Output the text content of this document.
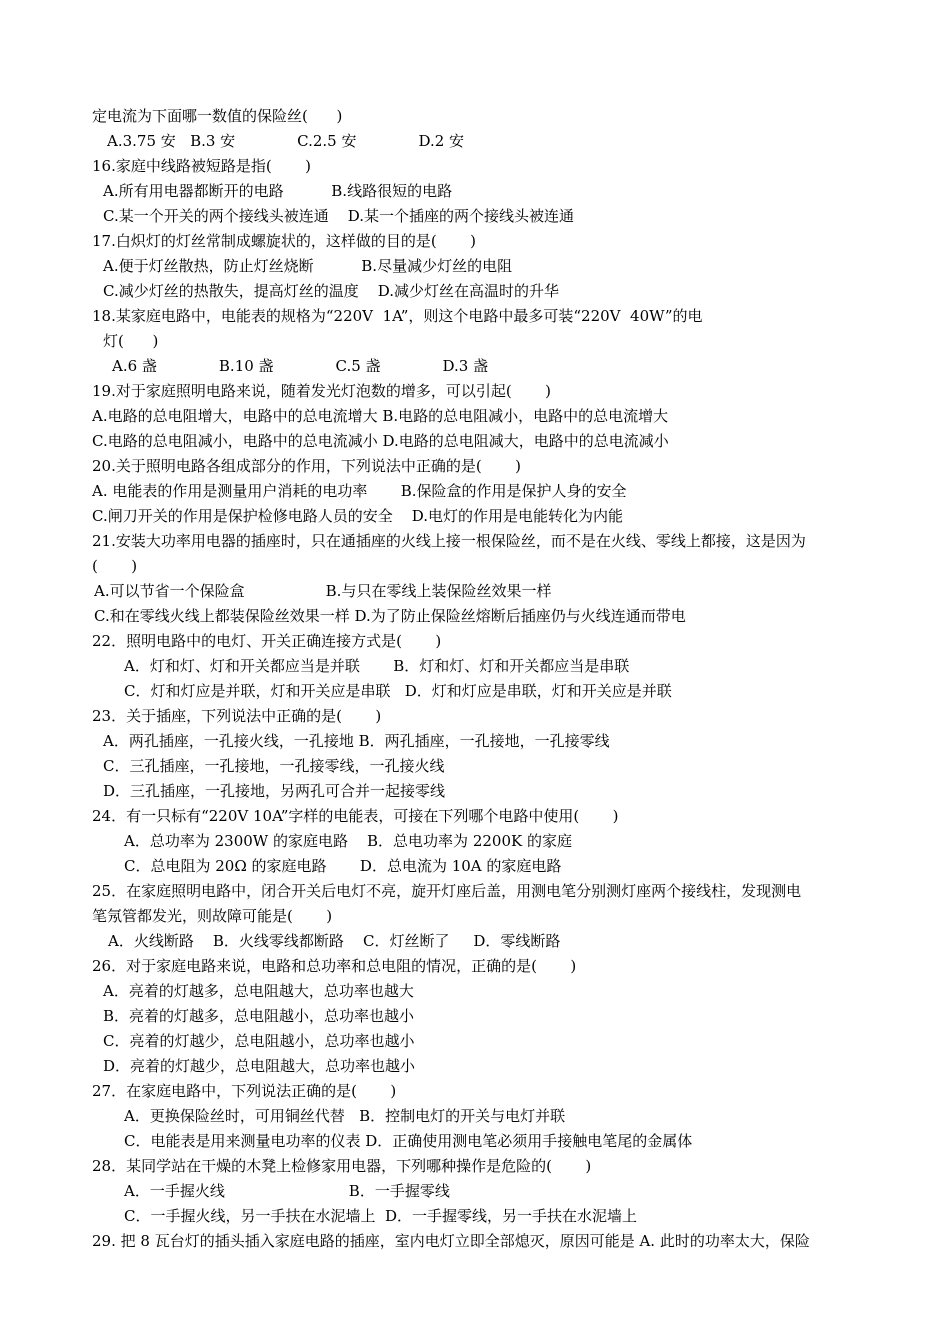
定电流为下面哪一数值的保险丝(      )
A.3.75 安   B.3 安             C.2.5 安             D.2 安
16.家庭中线路被短路是指(       )
A.所有用电器都断开的电路          B.线路很短的电路
C.某一个开关的两个接线头被连通    D.某一个插座的两个接线头被连通
17.白炽灯的灯丝常制成螺旋状的，这样做的目的是(       )
A.便于灯丝散热，防止灯丝烧断          B.尽量减少灯丝的电阻
C.减少灯丝的热散失，提高灯丝的温度    D.减少灯丝在高温时的升华
18.某家庭电路中，电能表的规格为“220V  1A”，则这个电路中最多可装“220V  40W”的电
灯(      )
A.6 盏             B.10 盏             C.5 盏             D.3 盏
19.对于家庭照明电路来说，随着发光灯泡数的增多，可以引起(       )
A.电路的总电阻增大，电路中的总电流增大 B.电路的总电阻减小，电路中的总电流增大
C.电路的总电阻减小，电路中的总电流减小 D.电路的总电阻减大，电路中的总电流减小
20.关于照明电路各组成部分的作用，下列说法中正确的是(       )
A. 电能表的作用是测量用户消耗的电功率       B.保险盒的作用是保护人身的安全
C.闸刀开关的作用是保护检修电路人员的安全    D.电灯的作用是电能转化为内能
21.安装大功率用电器的插座时，只在通插座的火线上接一根保险丝，而不是在火线、零线上都接，这是因为
(       )
A.可以节省一个保险盒                 B.与只在零线上装保险丝效果一样
C.和在零线火线上都装保险丝效果一样 D.为了防止保险丝熔断后插座仍与火线连通而带电
22．照明电路中的电灯、开关正确连接方式是(       )
A．灯和灯、灯和开关都应当是并联       B．灯和灯、灯和开关都应当是串联
C．灯和灯应是并联，灯和开关应是串联   D．灯和灯应是串联，灯和开关应是并联
23．关于插座，下列说法中正确的是(       )
A．两孔插座，一孔接火线，一孔接地 B．两孔插座，一孔接地，一孔接零线
C．三孔插座，一孔接地，一孔接零线，一孔接火线
D．三孔插座，一孔接地，另两孔可合并一起接零线
24．有一只标有“220V 10A”字样的电能表，可接在下列哪个电路中使用(       )
A．总功率为 2300W 的家庭电路    B．总电功率为 2200K 的家庭
C．总电阻为 20Ω 的家庭电路       D．总电流为 10A 的家庭电路
25．在家庭照明电路中，闭合开关后电灯不亮，旋开灯座后盖，用测电笔分别测灯座两个接线柱，发现测电
笔氖管都发光，则故障可能是(       )
A．火线断路    B．火线零线都断路    C．灯丝断了     D．零线断路
26．对于家庭电路来说，电路和总功率和总电阻的情况，正确的是(       )
A．亮着的灯越多，总电阻越大，总功率也越大
B．亮着的灯越多，总电阻越小，总功率也越小
C．亮着的灯越少，总电阻越小，总功率也越小
D．亮着的灯越少，总电阻越大，总功率也越小
27．在家庭电路中，下列说法正确的是(       )
A．更换保险丝时，可用铜丝代替   B．控制电灯的开关与电灯并联
C．电能表是用来测量电功率的仪表 D．正确使用测电笔必须用手接触电笔尾的金属体
28．某同学站在干燥的木凳上检修家用电器，下列哪种操作是危险的(       )
A．一手握火线                          B．一手握零线
C．一手握火线，另一手扶在水泥墙上  D．一手握零线，另一手扶在水泥墙上
29. 把 8 瓦台灯的插头插入家庭电路的插座，室内电灯立即全部熄灭，原因可能是 A. 此时的功率太大，保险
